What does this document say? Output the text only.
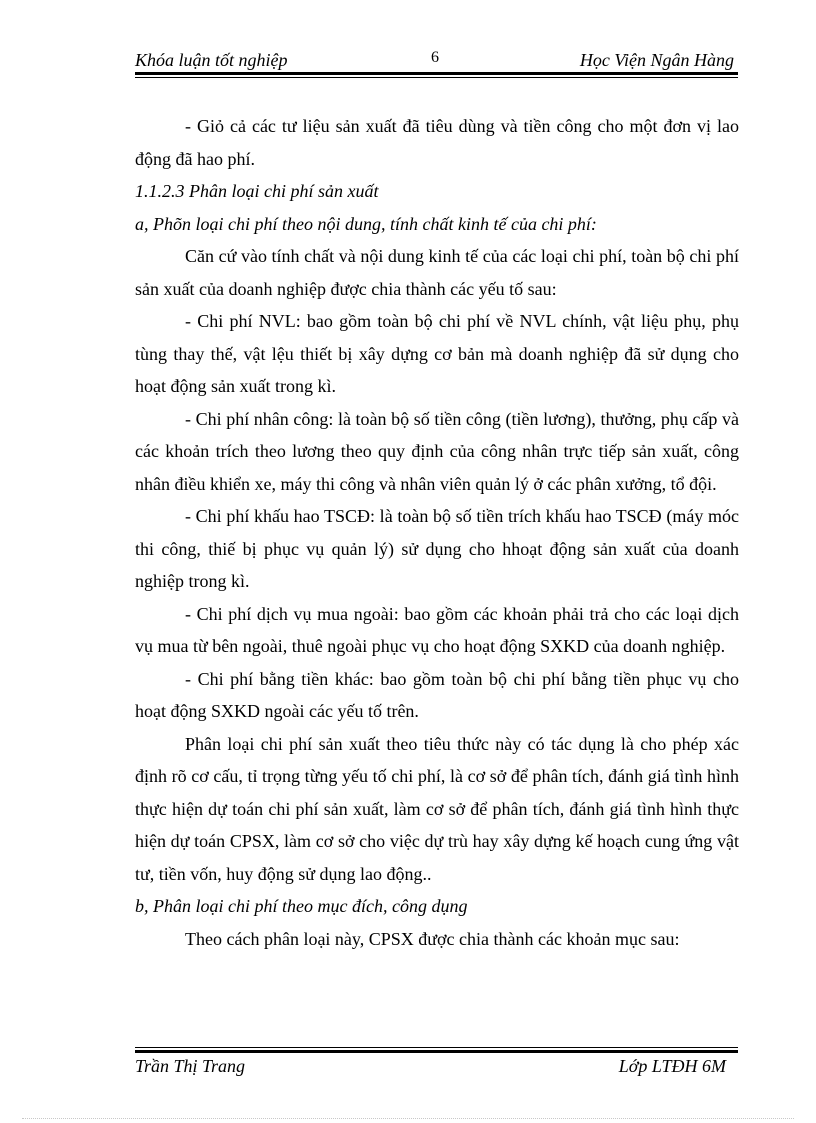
Khóa luận tốt nghiệp	6	Học Viện Ngân Hàng

- Giỏ cả các tư liệu sản xuất đã tiêu dùng và tiền công cho một đơn vị lao động đã hao phí.

1.1.2.3 Phân loại chi phí sản xuất

a, Phõn loại chi phí theo nội dung, tính chất kinh tế của chi phí:

Căn cứ vào tính chất và nội dung kinh tế của các loại chi phí, toàn bộ chi phí sản xuất của doanh nghiệp được chia thành các yếu tố sau:

- Chi phí NVL: bao gồm toàn bộ chi phí về NVL chính, vật liệu phụ, phụ tùng thay thế, vật lệu thiết bị xây dựng cơ bản mà doanh nghiệp đã sử dụng cho hoạt động sản xuất trong kì.

- Chi phí nhân công: là toàn bộ số tiền công (tiền lương), thưởng, phụ cấp và các khoản trích theo lương theo quy định của công nhân trực tiếp sản xuất, công nhân điều khiển xe, máy thi công và nhân viên quản lý ở các phân xưởng, tổ đội.

- Chi phí khấu hao TSCĐ: là toàn bộ số tiền trích khấu hao TSCĐ (máy móc thi công, thiế bị phục vụ quản lý) sử dụng cho hhoạt động sản xuất của doanh nghiệp trong kì.

- Chi phí dịch vụ mua ngoài: bao gồm các khoản phải trả cho các loại dịch vụ mua từ bên ngoài, thuê ngoài phục vụ cho hoạt động SXKD của doanh nghiệp.

- Chi phí bằng tiền khác: bao gồm toàn bộ chi phí bằng tiền phục vụ cho hoạt động SXKD ngoài các yếu tố trên.

Phân loại chi phí sản xuất theo tiêu thức này có tác dụng là cho phép xác định rõ cơ cấu, tỉ trọng từng yếu tố chi phí, là cơ sở để phân tích, đánh giá tình hình thực hiện dự toán chi phí sản xuất, làm cơ sở để phân tích, đánh giá tình hình thực hiện dự toán CPSX, làm cơ sở cho việc dự trù hay xây dựng kế hoạch cung ứng vật tư, tiền vốn, huy động sử dụng lao động..

b, Phân loại chi phí theo mục đích, công dụng

Theo cách phân loại này, CPSX được chia thành các khoản mục sau:

Trần Thị Trang	Lớp LTĐH 6M
